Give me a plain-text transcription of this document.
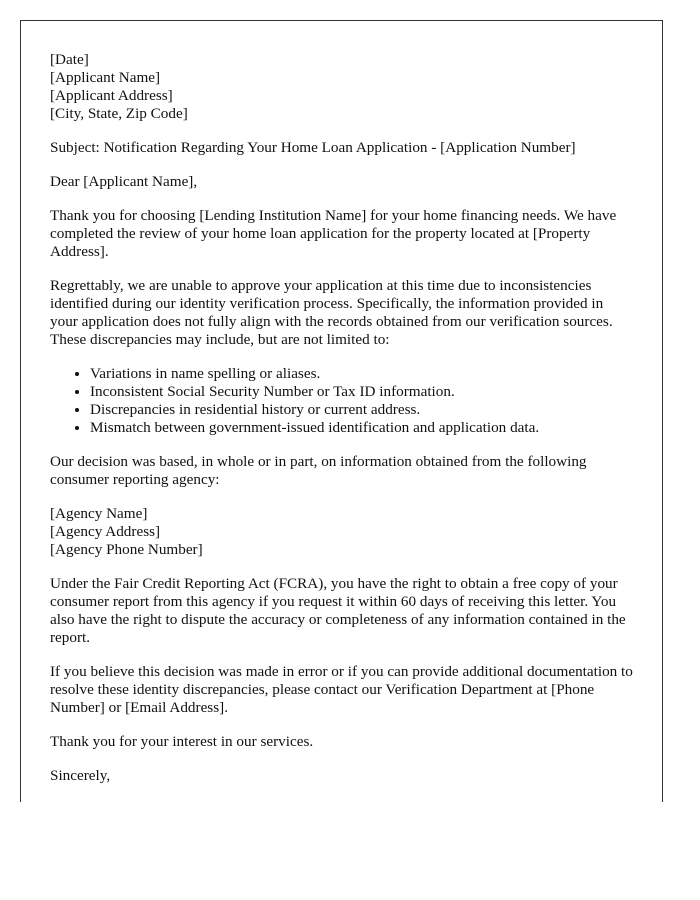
[Date]
[Applicant Name]
[Applicant Address]
[City, State, Zip Code]

Subject: Notification Regarding Your Home Loan Application - [Application Number]

Dear [Applicant Name],

Thank you for choosing [Lending Institution Name] for your home financing needs. We have completed the review of your home loan application for the property located at [Property Address].

Regrettably, we are unable to approve your application at this time due to inconsistencies identified during our identity verification process. Specifically, the information provided in your application does not fully align with the records obtained from our verification sources. These discrepancies may include, but are not limited to:

• Variations in name spelling or aliases.
• Inconsistent Social Security Number or Tax ID information.
• Discrepancies in residential history or current address.
• Mismatch between government-issued identification and application data.

Our decision was based, in whole or in part, on information obtained from the following consumer reporting agency:

[Agency Name]
[Agency Address]
[Agency Phone Number]

Under the Fair Credit Reporting Act (FCRA), you have the right to obtain a free copy of your consumer report from this agency if you request it within 60 days of receiving this letter. You also have the right to dispute the accuracy or completeness of any information contained in the report.

If you believe this decision was made in error or if you can provide additional documentation to resolve these identity discrepancies, please contact our Verification Department at [Phone Number] or [Email Address].

Thank you for your interest in our services.

Sincerely,
